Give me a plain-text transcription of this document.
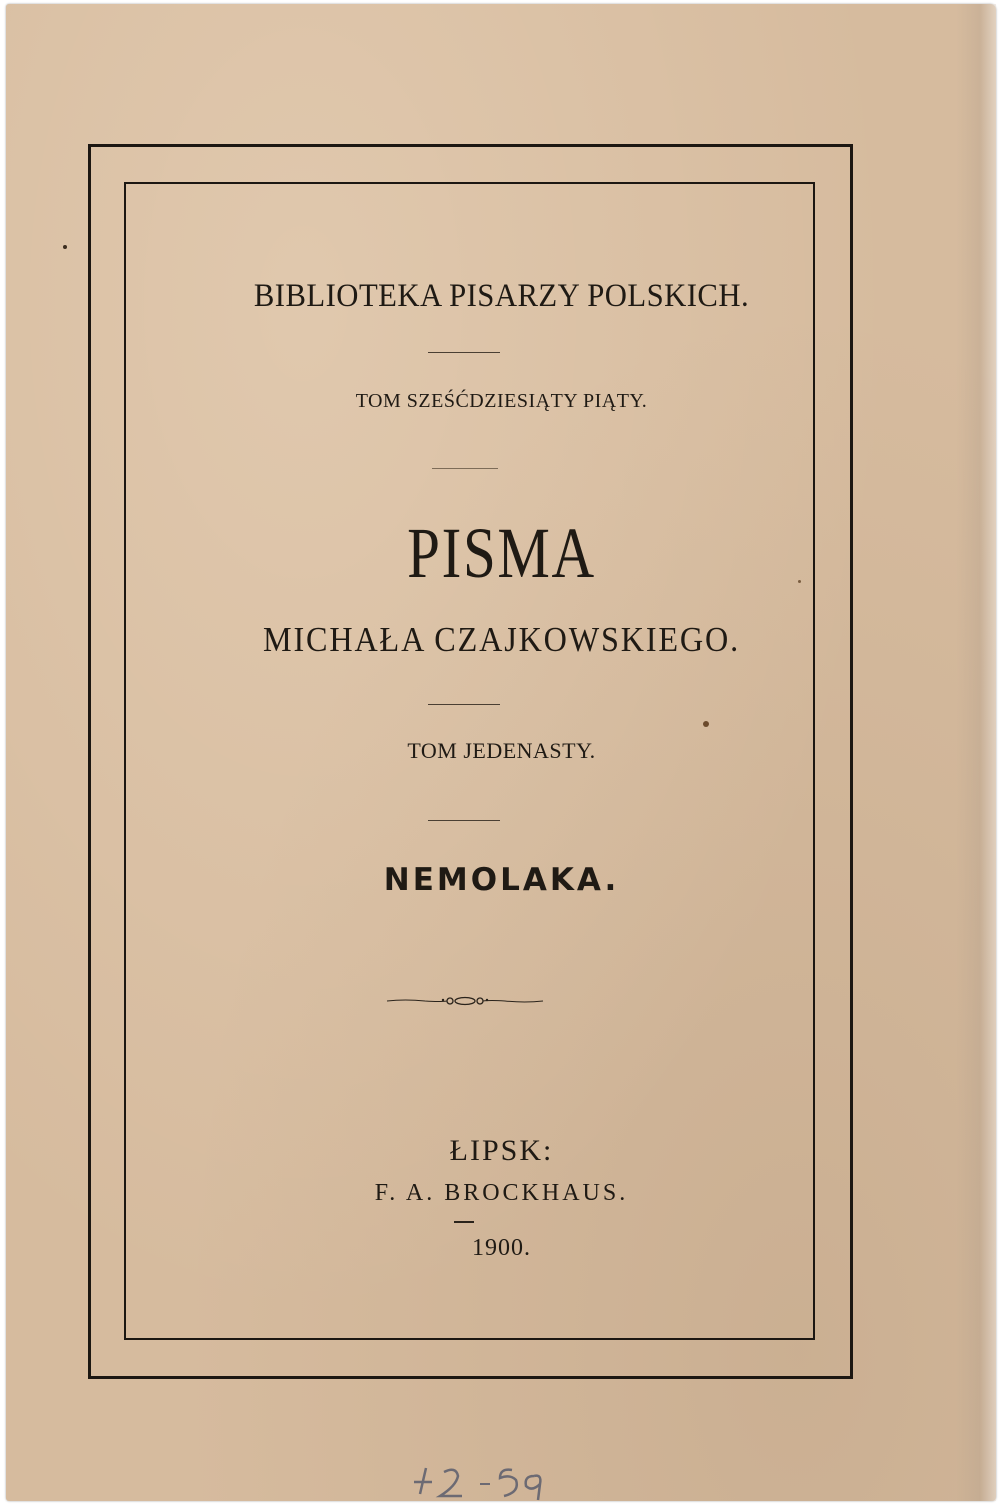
BIBLIOTEKA PISARZY POLSKICH.
TOM SZEŚĆDZIESIĄTY PIĄTY.
PISMA
MICHAŁA CZAJKOWSKIEGO.
TOM JEDENASTY.
NEMOLAKA.
ŁIPSK:
F. A. BROCKHAUS.
1900.
